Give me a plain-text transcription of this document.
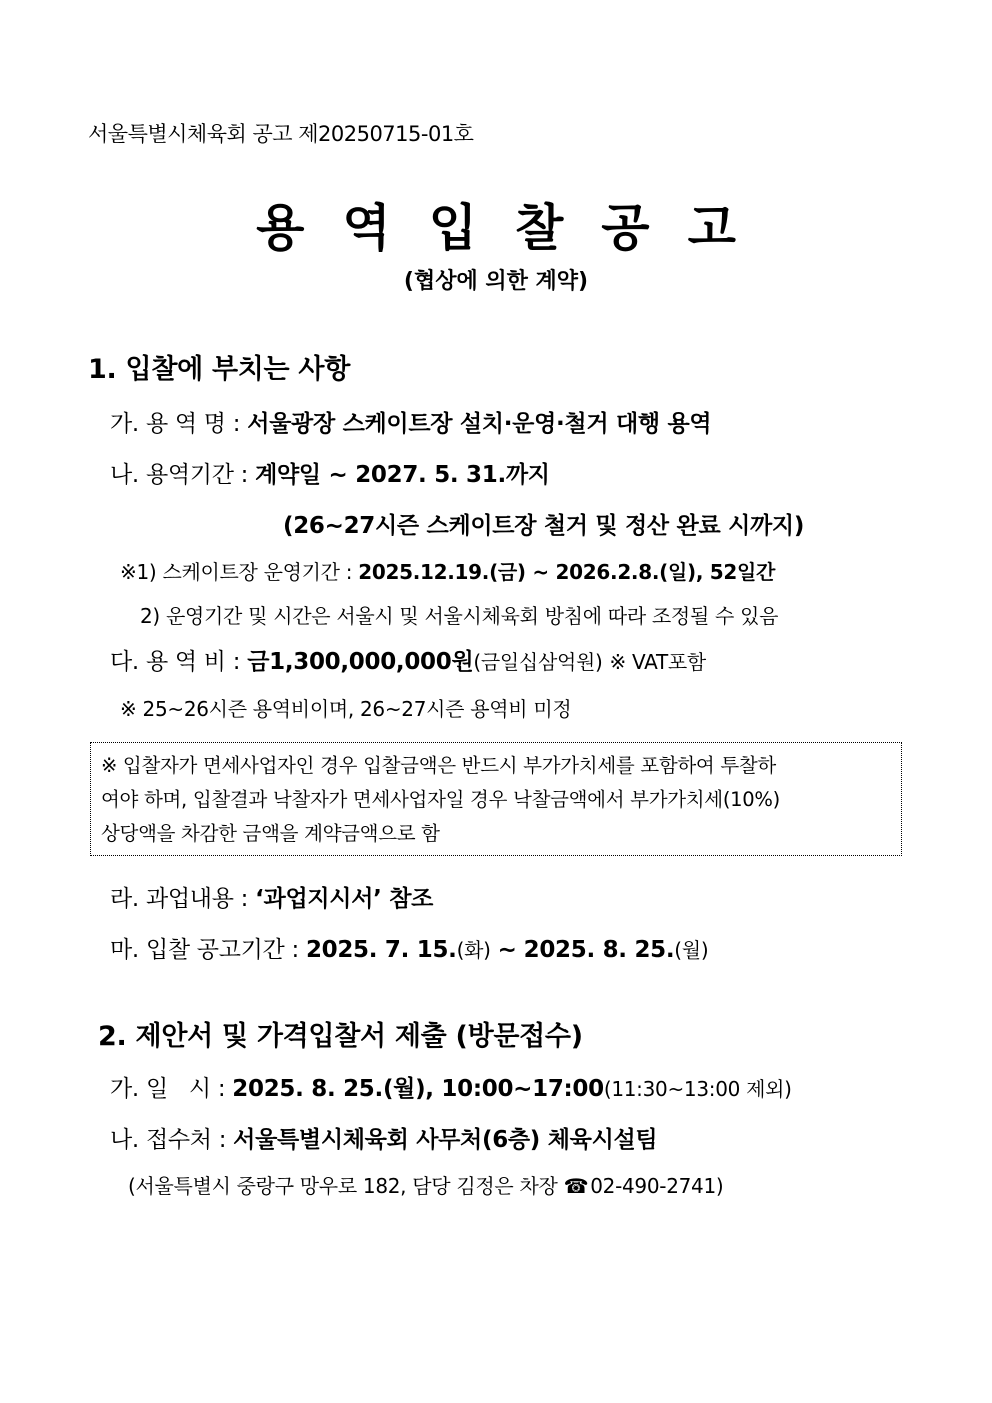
서울특별시체육회 공고 제20250715-01호
용역입찰공고
(협상에 의한 계약)
1. 입찰에 부치는 사항
가. 용 역 명 : 서울광장 스케이트장 설치·운영·철거 대행 용역
나. 용역기간 : 계약일 ~ 2027. 5. 31.까지
(26~27시즌 스케이트장 철거 및 정산 완료 시까지)
※1) 스케이트장 운영기간 : 2025.12.19.(금) ~ 2026.2.8.(일), 52일간
2) 운영기간 및 시간은 서울시 및 서울시체육회 방침에 따라 조정될 수 있음
다. 용 역 비 : 금1,300,000,000원(금일십삼억원) ※ VAT포함
※ 25~26시즌 용역비이며, 26~27시즌 용역비 미정
※ 입찰자가 면세사업자인 경우 입찰금액은 반드시 부가가치세를 포함하여 투찰하
여야 하며, 입찰결과 낙찰자가 면세사업자일 경우 낙찰금액에서 부가가치세(10%)
상당액을 차감한 금액을 계약금액으로 함
라. 과업내용 : ‘과업지시서’ 참조
마. 입찰 공고기간 : 2025. 7. 15.(화) ~ 2025. 8. 25.(월)
2. 제안서 및 가격입찰서 제출 (방문접수)
가. 일   시 : 2025. 8. 25.(월), 10:00~17:00(11:30~13:00 제외)
나. 접수처 : 서울특별시체육회 사무처(6층) 체육시설팀
(서울특별시 중랑구 망우로 182, 담당 김정은 차장 ☎ 02-490-2741)
